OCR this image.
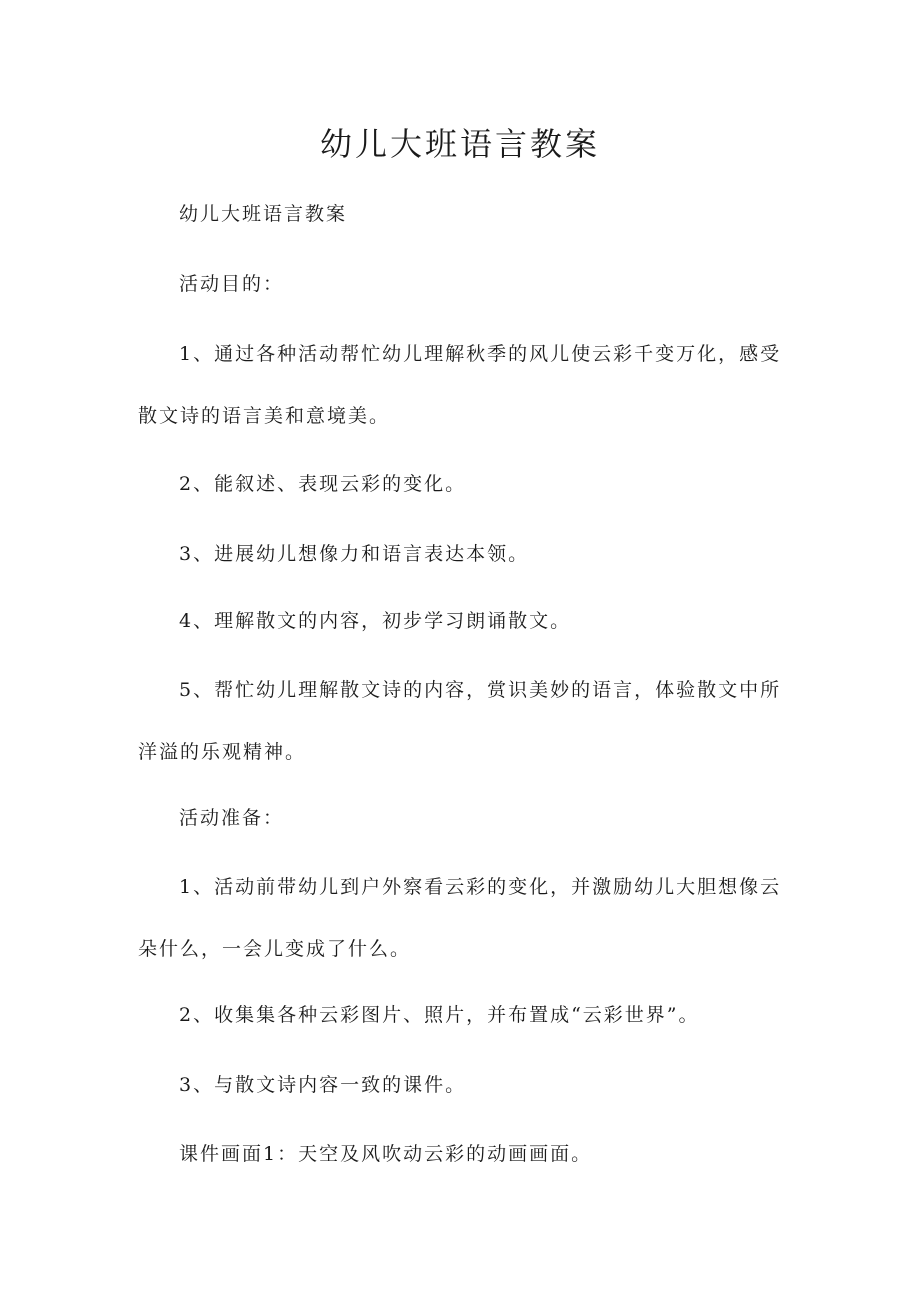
幼儿大班语言教案

幼儿大班语言教案

活动目的：

1、通过各种活动帮忙幼儿理解秋季的风儿使云彩千变万化，感受散文诗的语言美和意境美。

2、能叙述、表现云彩的变化。

3、进展幼儿想像力和语言表达本领。

4、理解散文的内容，初步学习朗诵散文。

5、帮忙幼儿理解散文诗的内容，赏识美妙的语言，体验散文中所洋溢的乐观精神。

活动准备：

1、活动前带幼儿到户外察看云彩的变化，并激励幼儿大胆想像云朵什么，一会儿变成了什么。

2、收集集各种云彩图片、照片，并布置成“云彩世界”。

3、与散文诗内容一致的课件。

课件画面1：天空及风吹动云彩的动画画面。
